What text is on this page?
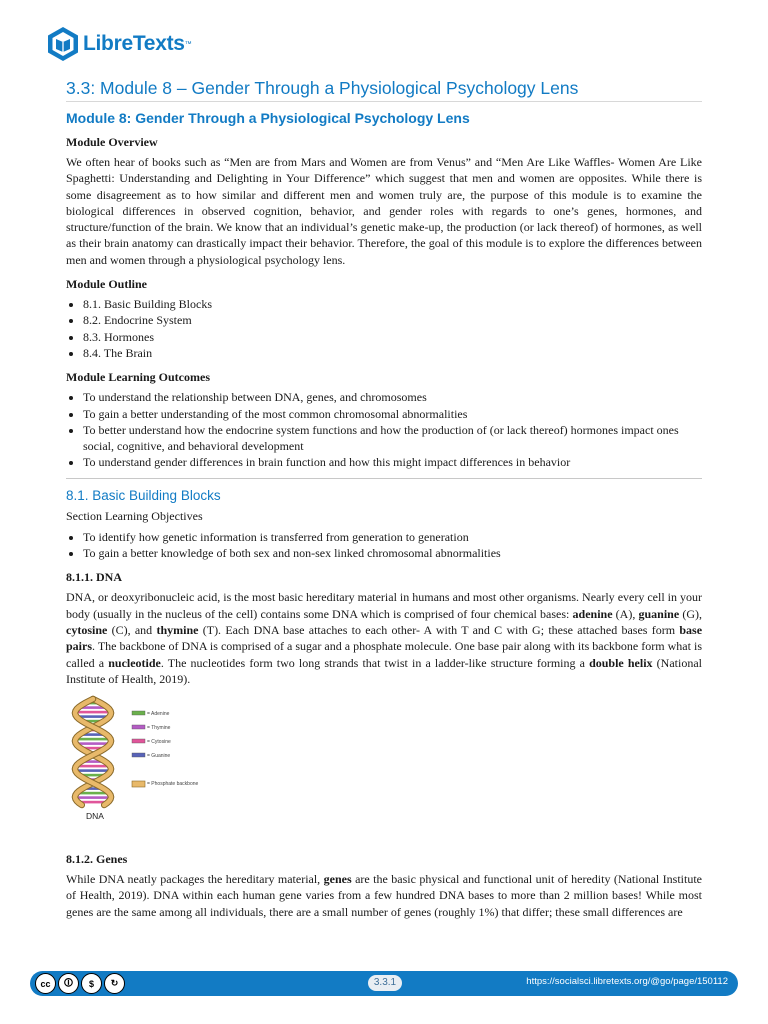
LibreTexts ™
3.3: Module 8 – Gender Through a Physiological Psychology Lens
Module 8: Gender Through a Physiological Psychology Lens
Module Overview

We often hear of books such as “Men are from Mars and Women are from Venus” and “Men Are Like Waffles- Women Are Like Spaghetti: Understanding and Delighting in Your Difference” which suggest that men and women are opposites. While there is some disagreement as to how similar and different men and women truly are, the purpose of this module is to examine the biological differences in observed cognition, behavior, and gender roles with regards to one’s genes, hormones, and structure/function of the brain. We know that an individual’s genetic make-up, the production (or lack thereof) of hormones, as well as their brain anatomy can drastically impact their behavior. Therefore, the goal of this module is to explore the differences between men and women through a physiological psychology lens.

Module Outline
• 8.1. Basic Building Blocks
• 8.2. Endocrine System
• 8.3. Hormones
• 8.4. The Brain
Module Learning Outcomes
• To understand the relationship between DNA, genes, and chromosomes
• To gain a better understanding of the most common chromosomal abnormalities
• To better understand how the endocrine system functions and how the production of (or lack thereof) hormones impact ones social, cognitive, and behavioral development
• To understand gender differences in brain function and how this might impact differences in behavior
8.1. Basic Building Blocks
Section Learning Objectives
• To identify how genetic information is transferred from generation to generation
• To gain a better knowledge of both sex and non-sex linked chromosomal abnormalities
8.1.1. DNA

DNA, or deoxyribonucleic acid, is the most basic hereditary material in humans and most other organisms. Nearly every cell in your body (usually in the nucleus of the cell) contains some DNA which is comprised of four chemical bases: adenine (A), guanine (G), cytosine (C), and thymine (T). Each DNA base attaches to each other- A with T and C with G; these attached bases form base pairs. The backbone of DNA is comprised of a sugar and a phosphate molecule. One base pair along with its backbone form what is called a nucleotide. The nucleotides form two long strands that twist in a ladder-like structure forming a double helix (National Institute of Health, 2019).

= Adenine
= Thymine
= Cytosine
= Guanine
= Phosphate backbone
DNA
8.1.2. Genes

While DNA neatly packages the hereditary material, genes are the basic physical and functional unit of heredity (National Institute of Health, 2019). DNA within each human gene varies from a few hundred DNA bases to more than 2 million bases! While most genes are the same among all individuals, there are a small number of genes (roughly 1%) that differ; these small differences are

cc	🛈	$	↻	3.3.1	https://socialsci.libretexts.org/@go/page/150112
